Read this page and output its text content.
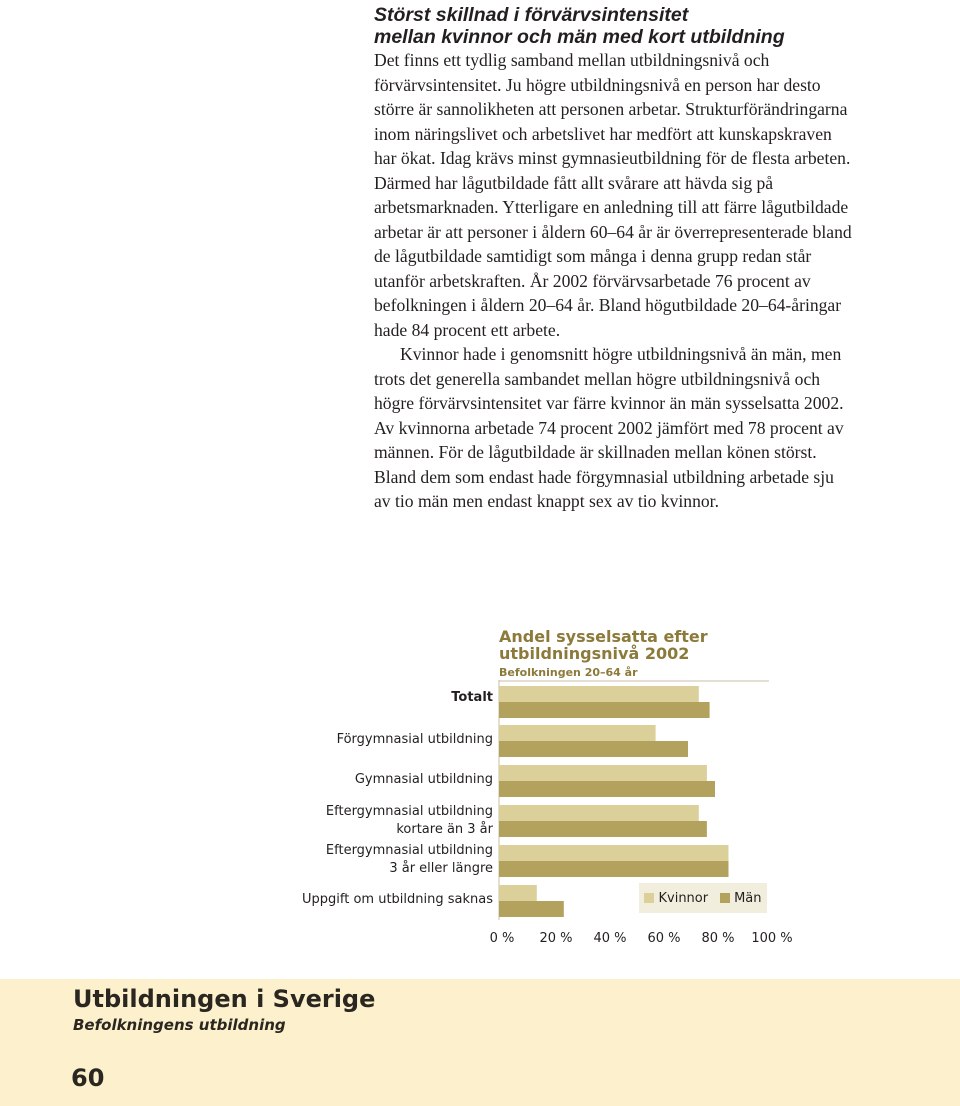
Störst skillnad i förvärvsintensitet
mellan kvinnor och män med kort utbildning

Det finns ett tydlig samband mellan utbildningsnivå och förvärvsintensitet. Ju högre utbildningsnivå en person har desto större är sannolikheten att personen arbetar. Strukturförändringarna inom näringslivet och arbetslivet har medfört att kunskapskraven har ökat. Idag krävs minst gymnasieutbildning för de flesta arbeten. Därmed har lågutbildade fått allt svårare att hävda sig på arbetsmarknaden. Ytterligare en anledning till att färre lågutbildade arbetar är att personer i åldern 60–64 år är överrepresenterade bland de lågutbildade samtidigt som många i denna grupp redan står utanför arbetskraften. År 2002 förvärvsarbetade 76 procent av befolkningen i åldern 20–64 år. Bland högutbildade 20–64-åringar hade 84 procent ett arbete.

Kvinnor hade i genomsnitt högre utbildningsnivå än män, men trots det generella sambandet mellan högre utbildningsnivå och högre förvärvsintensitet var färre kvinnor än män sysselsatta 2002. Av kvinnorna arbetade 74 procent 2002 jämfört med 78 procent av männen. För de lågutbildade är skillnaden mellan könen störst. Bland dem som endast hade förgymnasial utbildning arbetade sju av tio män men endast knappt sex av tio kvinnor.

Andel sysselsatta efter
utbildningsnivå 2002
Befolkningen 20–64 år
Totalt
Förgymnasial utbildning
Gymnasial utbildning
Eftergymnasial utbildning
kortare än 3 år
Eftergymnasial utbildning
3 år eller längre
Uppgift om utbildning saknas	Kvinnor Män
0 % 20 % 40 % 60 % 80 % 100 %
Utbildningen i Sverige
Befolkningens utbildning
60
